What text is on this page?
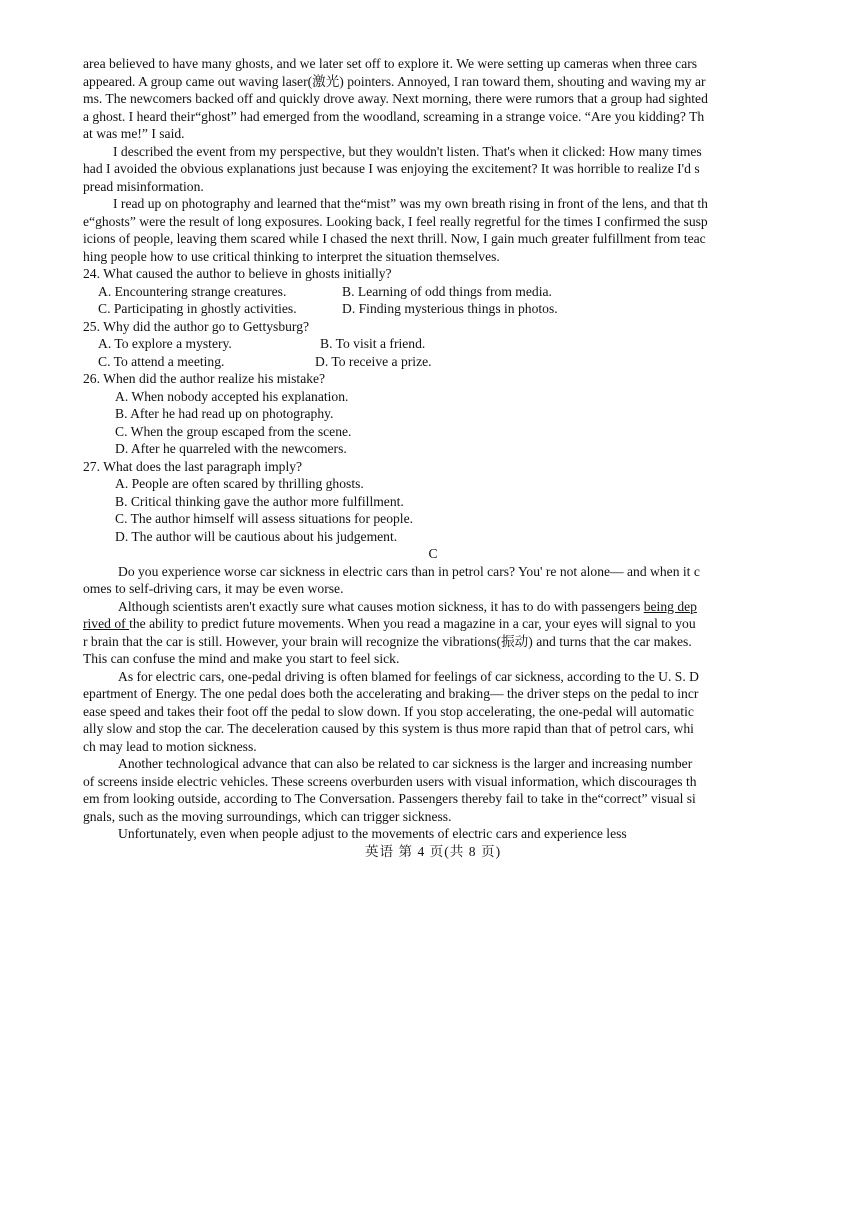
area believed to have many ghosts, and we later set off to explore it. We were setting up cameras when three cars
appeared. A group came out waving laser(激光) pointers. Annoyed, I ran toward them, shouting and waving my ar
ms. The newcomers backed off and quickly drove away. Next morning, there were rumors that a group had sighted
a ghost. I heard their“ghost” had emerged from the woodland, screaming in a strange voice. “Are you kidding? Th
at was me!” I said.
I described the event from my perspective, but they wouldn't listen. That's when it clicked: How many times
had I avoided the obvious explanations just because I was enjoying the excitement? It was horrible to realize I'd s
pread misinformation.
I read up on photography and learned that the“mist” was my own breath rising in front of the lens, and that th
e“ghosts” were the result of long exposures. Looking back, I feel really regretful for the times I confirmed the susp
icions of people, leaving them scared while I chased the next thrill. Now, I gain much greater fulfillment from teac
hing people how to use critical thinking to interpret the situation themselves.
24. What caused the author to believe in ghosts initially?
A. Encountering strange creatures.	B. Learning of odd things from media.
C. Participating in ghostly activities.	D. Finding mysterious things in photos.
25. Why did the author go to Gettysburg?
A. To explore a mystery.	B. To visit a friend.
C. To attend a meeting.	D. To receive a prize.
26. When did the author realize his mistake?
A. When nobody accepted his explanation.
B. After he had read up on photography.
C. When the group escaped from the scene.
D. After he quarreled with the newcomers.
27. What does the last paragraph imply?
A. People are often scared by thrilling ghosts.
B. Critical thinking gave the author more fulfillment.
C. The author himself will assess situations for people.
D. The author will be cautious about his judgement.
C
Do you experience worse car sickness in electric cars than in petrol cars? You' re not alone— and when it c
omes to self-driving cars, it may be even worse.
Although scientists aren't exactly sure what causes motion sickness, it has to do with passengers being dep
rived of the ability to predict future movements. When you read a magazine in a car, your eyes will signal to you
r brain that the car is still. However, your brain will recognize the vibrations(振动) and turns that the car makes.
This can confuse the mind and make you start to feel sick.
As for electric cars, one-pedal driving is often blamed for feelings of car sickness, according to the U. S. D
epartment of Energy. The one pedal does both the accelerating and braking— the driver steps on the pedal to incr
ease speed and takes their foot off the pedal to slow down. If you stop accelerating, the one-pedal will automatic
ally slow and stop the car. The deceleration caused by this system is thus more rapid than that of petrol cars, whi
ch may lead to motion sickness.
Another technological advance that can also be related to car sickness is the larger and increasing number
of screens inside electric vehicles. These screens overburden users with visual information, which discourages th
em from looking outside, according to The Conversation. Passengers thereby fail to take in the“correct” visual si
gnals, such as the moving surroundings, which can trigger sickness.
Unfortunately, even when people adjust to the movements of electric cars and experience less
英语 第 4 页(共 8 页)
